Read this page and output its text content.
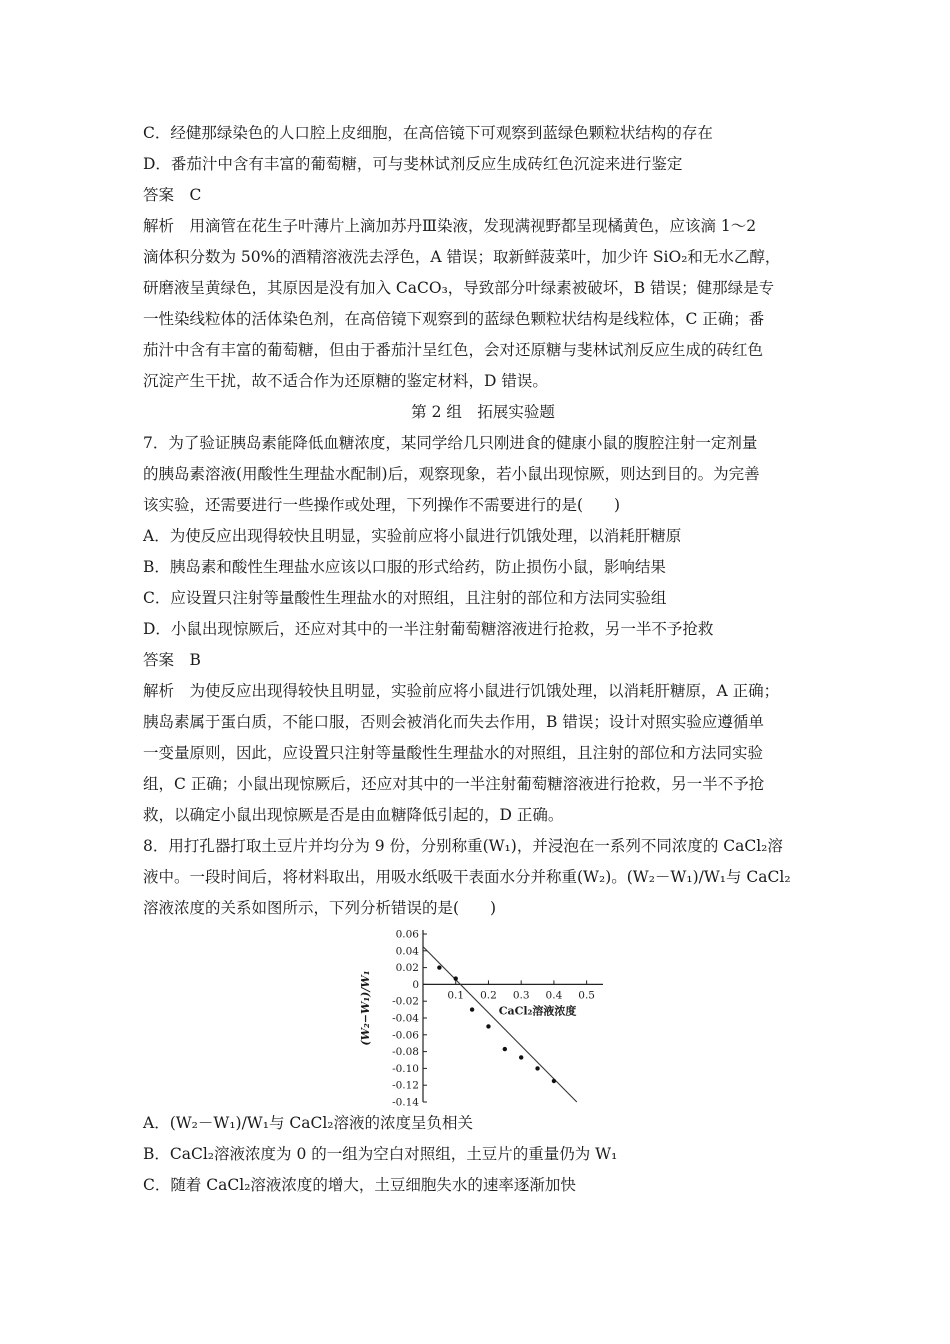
C．经健那绿染色的人口腔上皮细胞，在高倍镜下可观察到蓝绿色颗粒状结构的存在
D．番茄汁中含有丰富的葡萄糖，可与斐林试剂反应生成砖红色沉淀来进行鉴定
答案　C
解析　用滴管在花生子叶薄片上滴加苏丹Ⅲ染液，发现满视野都呈现橘黄色，应该滴 1～2
滴体积分数为 50%的酒精溶液洗去浮色，A 错误；取新鲜菠菜叶，加少许 SiO₂和无水乙醇，
研磨液呈黄绿色，其原因是没有加入 CaCO₃，导致部分叶绿素被破坏，B 错误；健那绿是专
一性染线粒体的活体染色剂，在高倍镜下观察到的蓝绿色颗粒状结构是线粒体，C 正确；番
茄汁中含有丰富的葡萄糖，但由于番茄汁呈红色，会对还原糖与斐林试剂反应生成的砖红色
沉淀产生干扰，故不适合作为还原糖的鉴定材料，D 错误。
第 2 组　拓展实验题
7．为了验证胰岛素能降低血糖浓度，某同学给几只刚进食的健康小鼠的腹腔注射一定剂量
的胰岛素溶液(用酸性生理盐水配制)后，观察现象，若小鼠出现惊厥，则达到目的。为完善
该实验，还需要进行一些操作或处理，下列操作不需要进行的是(　　)
A．为使反应出现得较快且明显，实验前应将小鼠进行饥饿处理，以消耗肝糖原
B．胰岛素和酸性生理盐水应该以口服的形式给药，防止损伤小鼠，影响结果
C．应设置只注射等量酸性生理盐水的对照组，且注射的部位和方法同实验组
D．小鼠出现惊厥后，还应对其中的一半注射葡萄糖溶液进行抢救，另一半不予抢救
答案　B
解析　为使反应出现得较快且明显，实验前应将小鼠进行饥饿处理，以消耗肝糖原，A 正确；
胰岛素属于蛋白质，不能口服，否则会被消化而失去作用，B 错误；设计对照实验应遵循单
一变量原则，因此，应设置只注射等量酸性生理盐水的对照组，且注射的部位和方法同实验
组，C 正确；小鼠出现惊厥后，还应对其中的一半注射葡萄糖溶液进行抢救，另一半不予抢
救，以确定小鼠出现惊厥是否是由血糖降低引起的，D 正确。
8．用打孔器打取土豆片并均分为 9 份，分别称重(W₁)，并浸泡在一系列不同浓度的 CaCl₂溶
液中。一段时间后，将材料取出，用吸水纸吸干表面水分并称重(W₂)。(W₂－W₁)/W₁与 CaCl₂
溶液浓度的关系如图所示，下列分析错误的是(　　)
0.06
0.04
0.02
0
-0.02
-0.04
-0.06
-0.08
-0.10
-0.12
-0.14
0.1 0.2 0.3 0.4 0.5
CaCl₂溶液浓度
(W₂−W₁)/W₁
A．(W₂－W₁)/W₁与 CaCl₂溶液的浓度呈负相关
B．CaCl₂溶液浓度为 0 的一组为空白对照组，土豆片的重量仍为 W₁
C．随着 CaCl₂溶液浓度的增大，土豆细胞失水的速率逐渐加快
